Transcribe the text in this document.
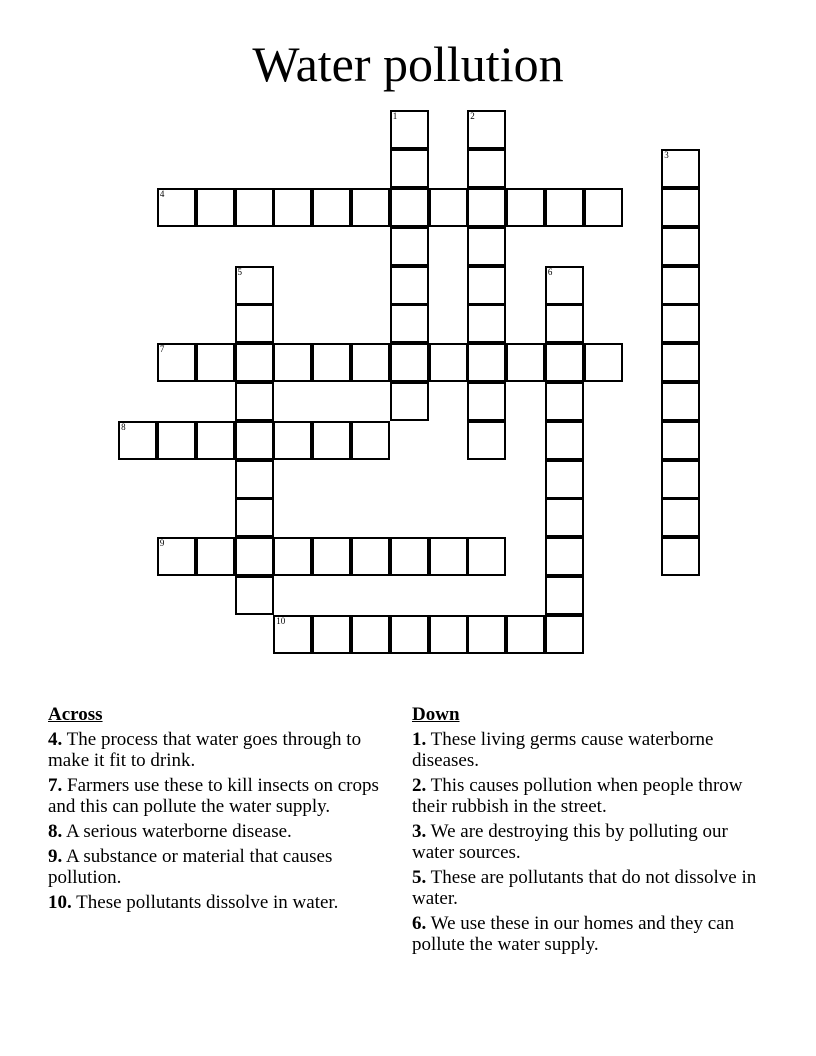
Water pollution
1	2
3
4
5	6
7
8
9
10
Across
4. The process that water goes through to make it fit to drink.
7. Farmers use these to kill insects on crops and this can pollute the water supply.
8. A serious waterborne disease.
9. A substance or material that causes pollution.
10. These pollutants dissolve in water.
Down
1. These living germs cause waterborne diseases.
2. This causes pollution when people throw their rubbish in the street.
3. We are destroying this by polluting our water sources.
5. These are pollutants that do not dissolve in water.
6. We use these in our homes and they can pollute the water supply.
